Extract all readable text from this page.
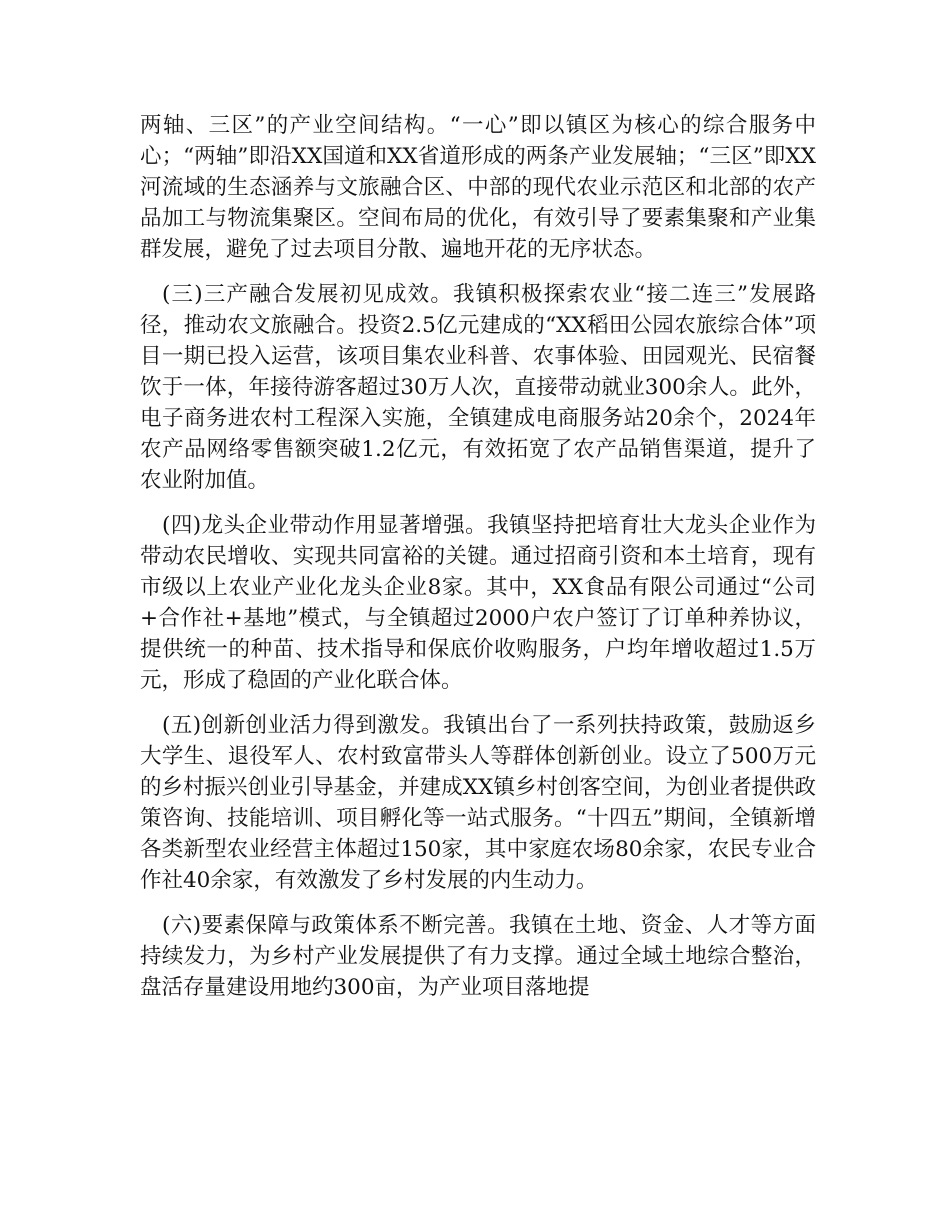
两轴、三区”的产业空间结构。“一心”即以镇区为核心的综合服务中心；“两轴”即沿XX国道和XX省道形成的两条产业发展轴；“三区”即XX河流域的生态涵养与文旅融合区、中部的现代农业示范区和北部的农产品加工与物流集聚区。空间布局的优化，有效引导了要素集聚和产业集群发展，避免了过去项目分散、遍地开花的无序状态。

(三)三产融合发展初见成效。我镇积极探索农业“接二连三”发展路径，推动农文旅融合。投资2.5亿元建成的“XX稻田公园农旅综合体”项目一期已投入运营，该项目集农业科普、农事体验、田园观光、民宿餐饮于一体，年接待游客超过30万人次，直接带动就业300余人。此外，电子商务进农村工程深入实施，全镇建成电商服务站20余个，2024年农产品网络零售额突破1.2亿元，有效拓宽了农产品销售渠道，提升了农业附加值。

(四)龙头企业带动作用显著增强。我镇坚持把培育壮大龙头企业作为带动农民增收、实现共同富裕的关键。通过招商引资和本土培育，现有市级以上农业产业化龙头企业8家。其中，XX食品有限公司通过“公司+合作社+基地”模式，与全镇超过2000户农户签订了订单种养协议，提供统一的种苗、技术指导和保底价收购服务，户均年增收超过1.5万元，形成了稳固的产业化联合体。

(五)创新创业活力得到激发。我镇出台了一系列扶持政策，鼓励返乡大学生、退役军人、农村致富带头人等群体创新创业。设立了500万元的乡村振兴创业引导基金，并建成XX镇乡村创客空间，为创业者提供政策咨询、技能培训、项目孵化等一站式服务。“十四五”期间，全镇新增各类新型农业经营主体超过150家，其中家庭农场80余家，农民专业合作社40余家，有效激发了乡村发展的内生动力。

(六)要素保障与政策体系不断完善。我镇在土地、资金、人才等方面持续发力，为乡村产业发展提供了有力支撑。通过全域土地综合整治，盘活存量建设用地约300亩，为产业项目落地提
